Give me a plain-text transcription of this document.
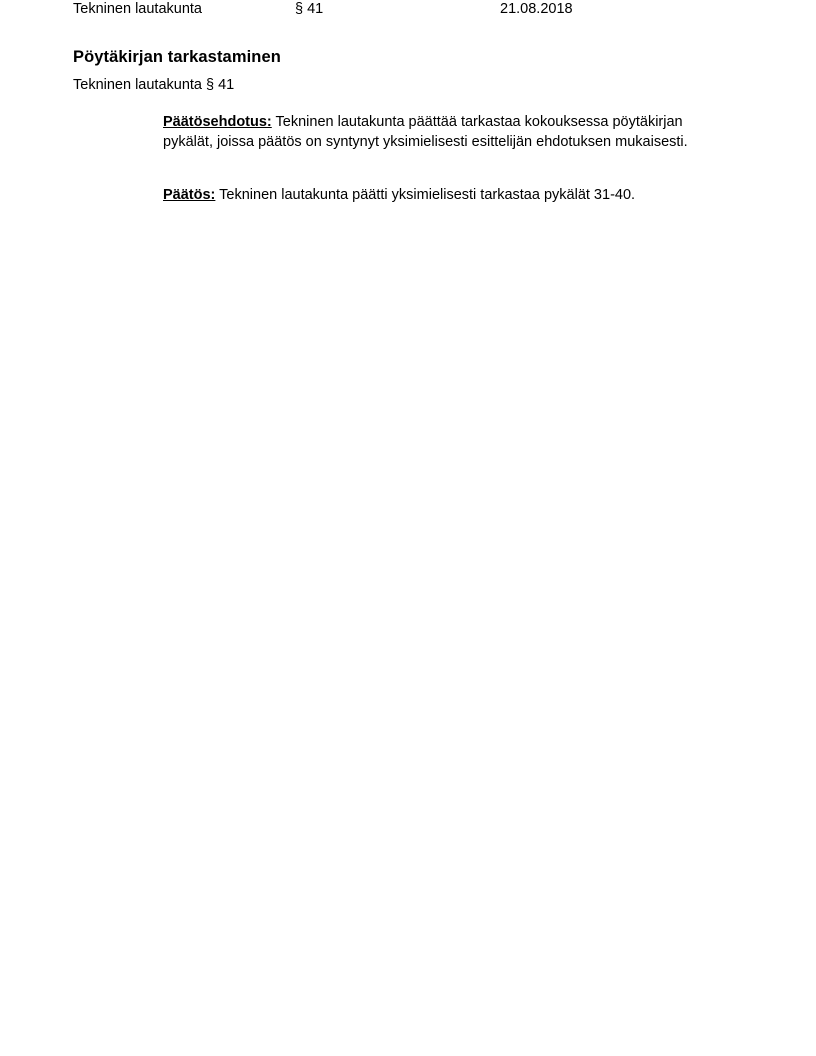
Tekninen lautakunta	§ 41	21.08.2018
Pöytäkirjan tarkastaminen
Tekninen lautakunta § 41
Päätösehdotus: Tekninen lautakunta päättää tarkastaa kokouksessa pöytäkirjan pykälät, joissa päätös on syntynyt yksimielisesti esittelijän ehdotuksen mukaisesti.
Päätös: Tekninen lautakunta päätti yksimielisesti tarkastaa pykälät 31-40.
